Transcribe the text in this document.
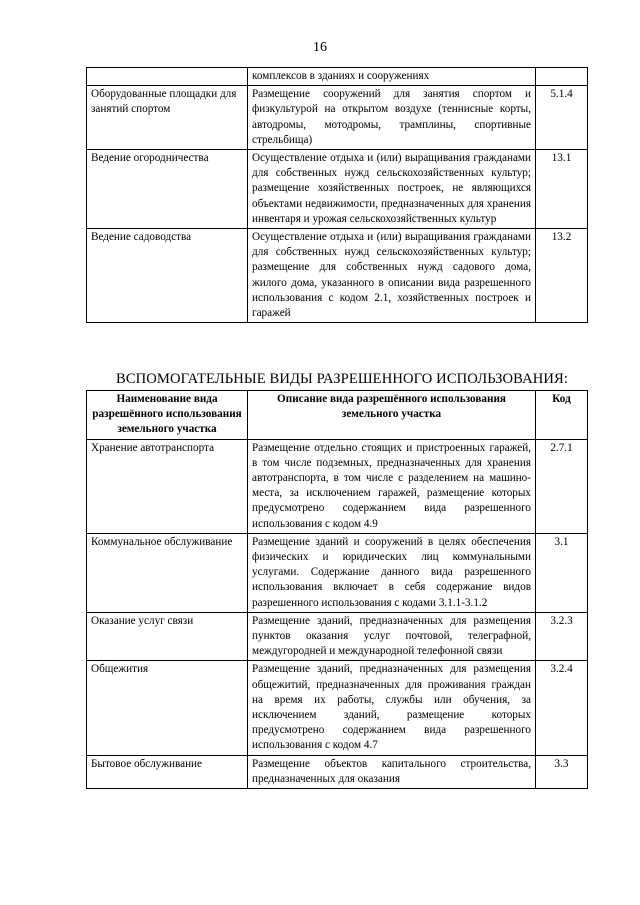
16
	комплексов в зданиях и сооружениях	
Оборудованные площадки для занятий спортом	Размещение сооружений для занятия спортом и физкультурой на открытом воздухе (теннисные корты, автодромы, мотодромы, трамплины, спортивные стрельбища)	5.1.4
Ведение огородничества	Осуществление отдыха и (или) выращивания гражданами для собственных нужд сельскохозяйственных культур; размещение хозяйственных построек, не являющихся объектами недвижимости, предназначенных для хранения инвентаря и урожая сельскохозяйственных культур	13.1
Ведение садоводства	Осуществление отдыха и (или) выращивания гражданами для собственных нужд сельскохозяйственных культур; размещение для собственных нужд садового дома, жилого дома, указанного в описании вида разрешенного использования с кодом 2.1, хозяйственных построек и гаражей	13.2
ВСПОМОГАТЕЛЬНЫЕ ВИДЫ РАЗРЕШЕННОГО ИСПОЛЬЗОВАНИЯ:
Наименование вида разрешённого использования земельного участка	Описание вида разрешённого использования земельного участка	Код
Хранение автотранспорта	Размещение отдельно стоящих и пристроенных гаражей, в том числе подземных, предназначенных для хранения автотранспорта, в том числе с разделением на машино-места, за исключением гаражей, размещение которых предусмотрено содержанием вида разрешенного использования с кодом 4.9	2.7.1
Коммунальное обслуживание	Размещение зданий и сооружений в целях обеспечения физических и юридических лиц коммунальными услугами. Содержание данного вида разрешенного использования включает в себя содержание видов разрешенного использования с кодами 3.1.1-3.1.2	3.1
Оказание услуг связи	Размещение зданий, предназначенных для размещения пунктов оказания услуг почтовой, телеграфной, междугородней и международной телефонной связи	3.2.3
Общежития	Размещение зданий, предназначенных для размещения общежитий, предназначенных для проживания граждан на время их работы, службы или обучения, за исключением зданий, размещение которых предусмотрено содержанием вида разрешенного использования с кодом 4.7	3.2.4
Бытовое обслуживание	Размещение объектов капитального строительства, предназначенных для оказания	3.3
